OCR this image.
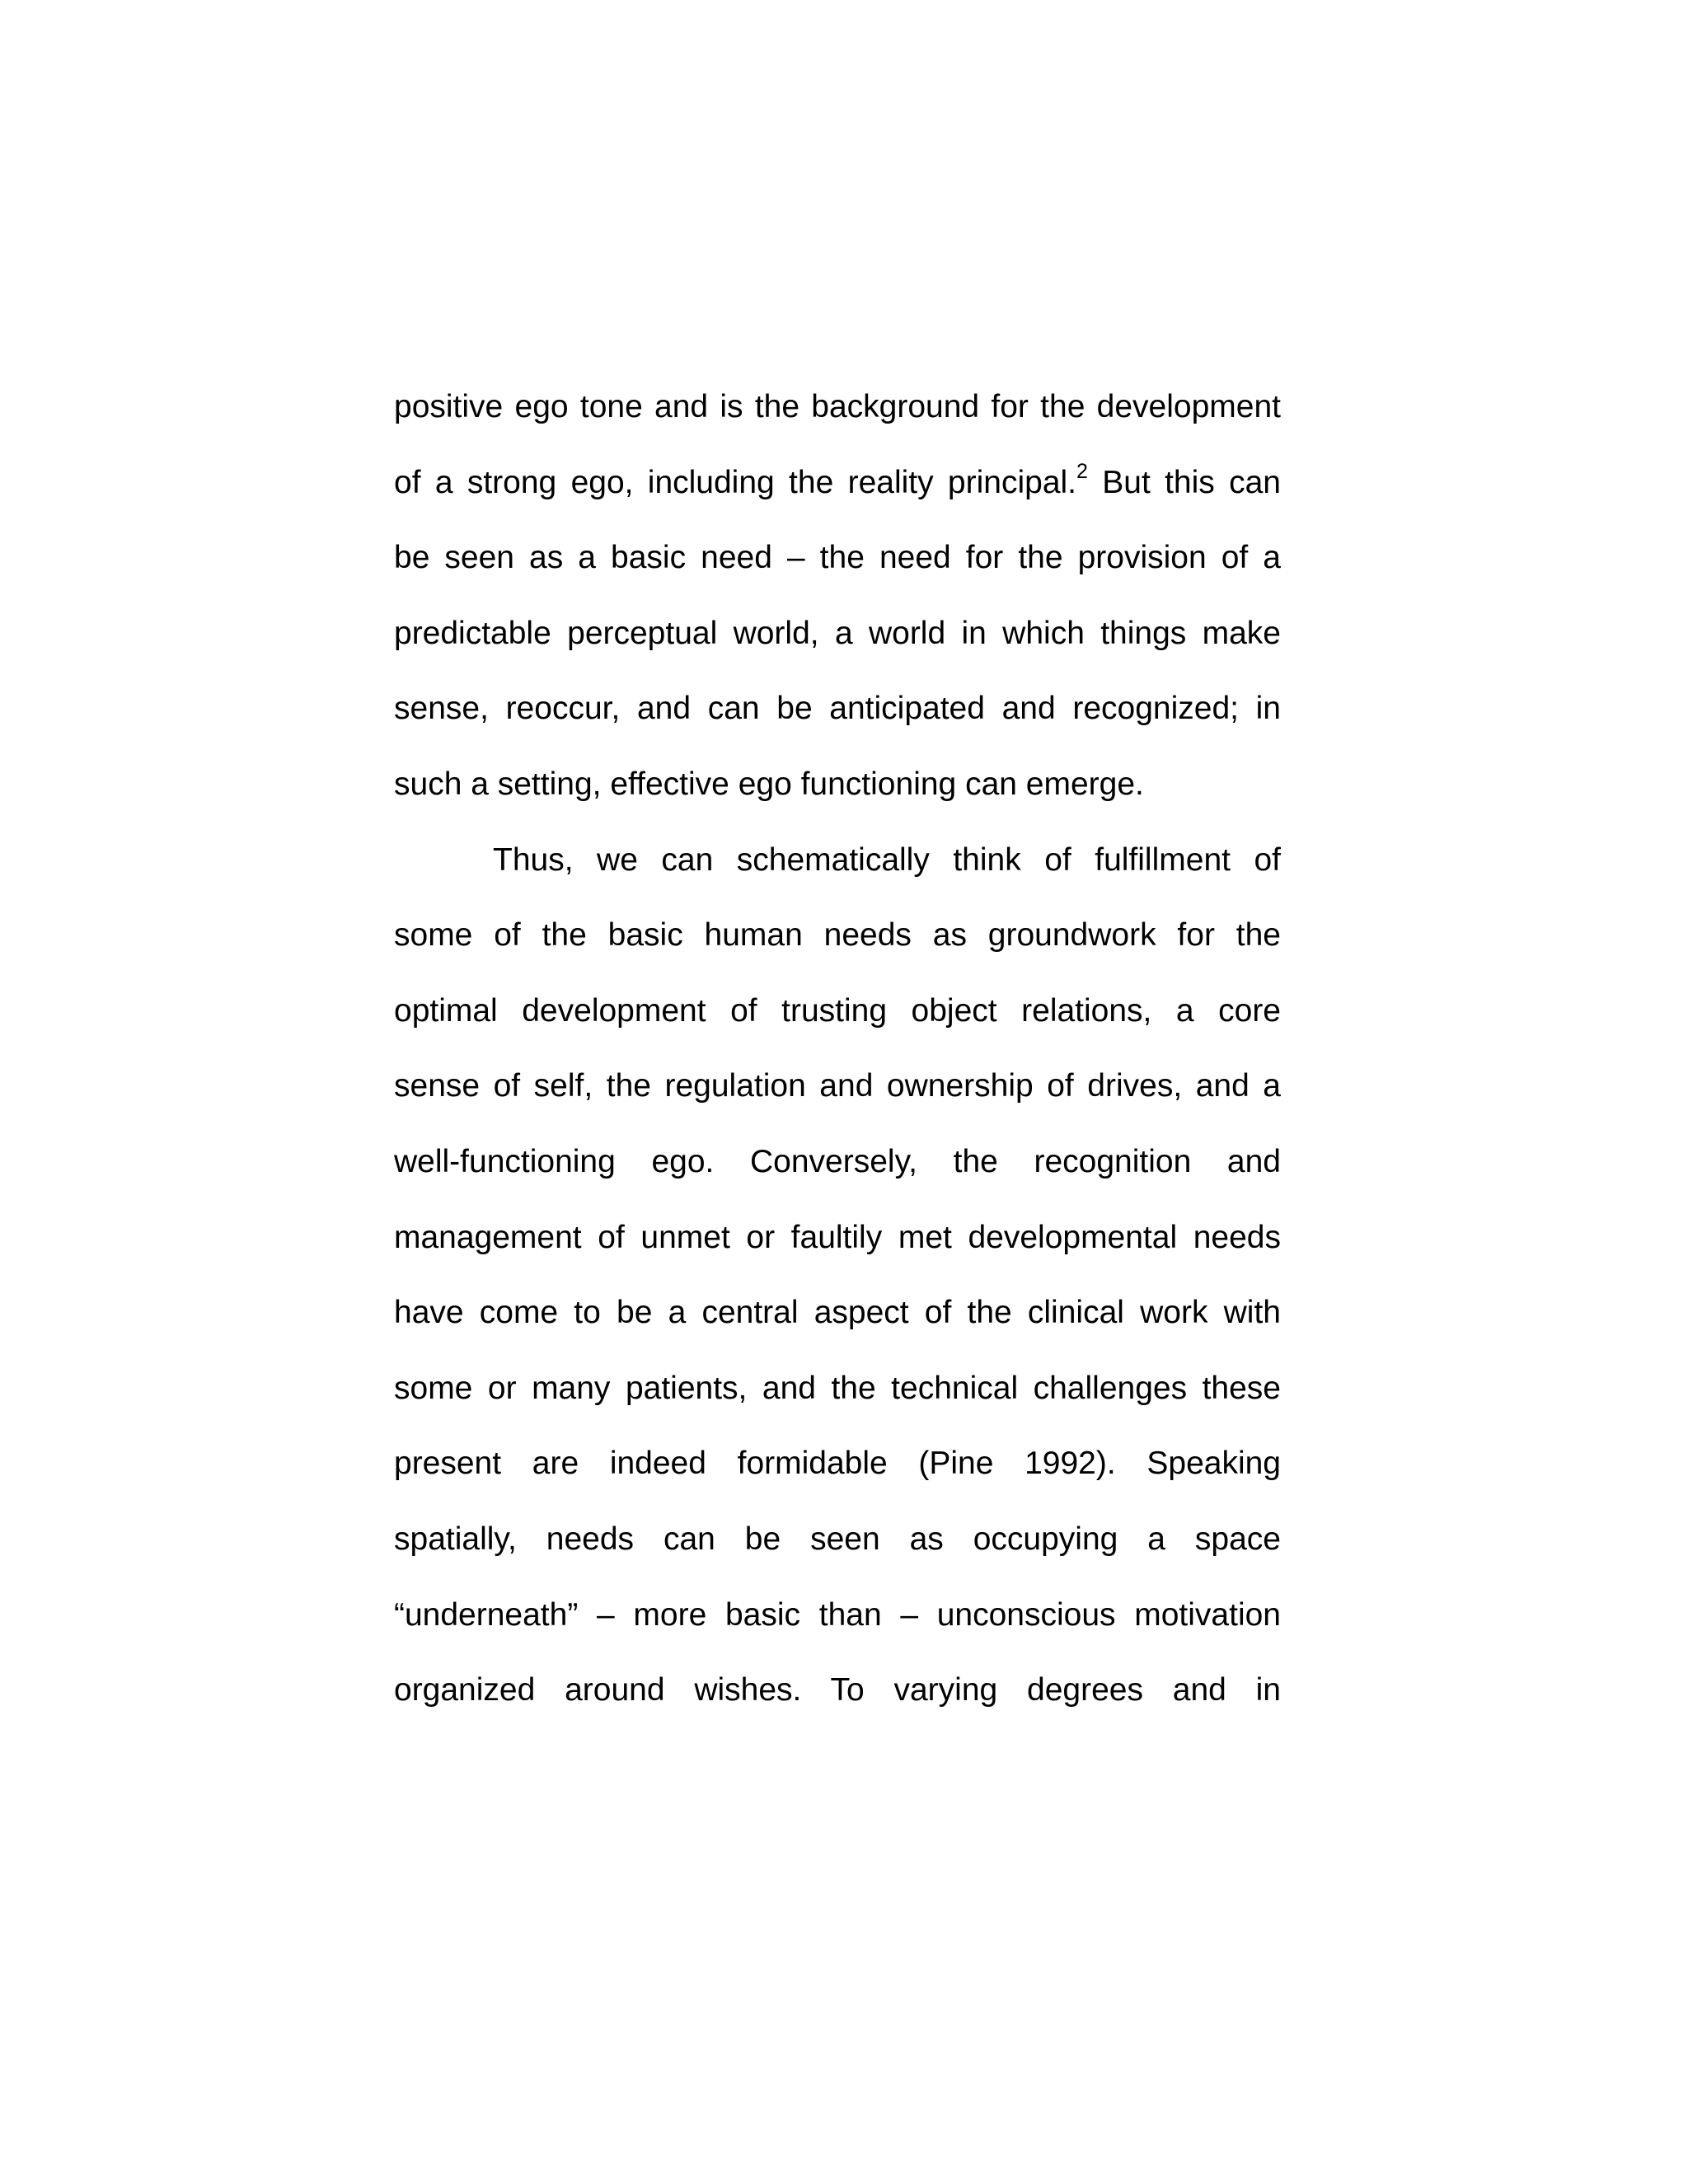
positive ego tone and is the background for the development
of a strong ego, including the reality principal.$^2$ But this can
be seen as a basic need – the need for the provision of a
predictable perceptual world, a world in which things make
sense, reoccur, and can be anticipated and recognized; in
such a setting, effective ego functioning can emerge.
Thus, we can schematically think of fulfillment of
some of the basic human needs as groundwork for the
optimal development of trusting object relations, a core
sense of self, the regulation and ownership of drives, and a
well-functioning ego. Conversely, the recognition and
management of unmet or faultily met developmental needs
have come to be a central aspect of the clinical work with
some or many patients, and the technical challenges these
present are indeed formidable (Pine 1992). Speaking
spatially, needs can be seen as occupying a space
“underneath” – more basic than – unconscious motivation
organized around wishes. To varying degrees and in
